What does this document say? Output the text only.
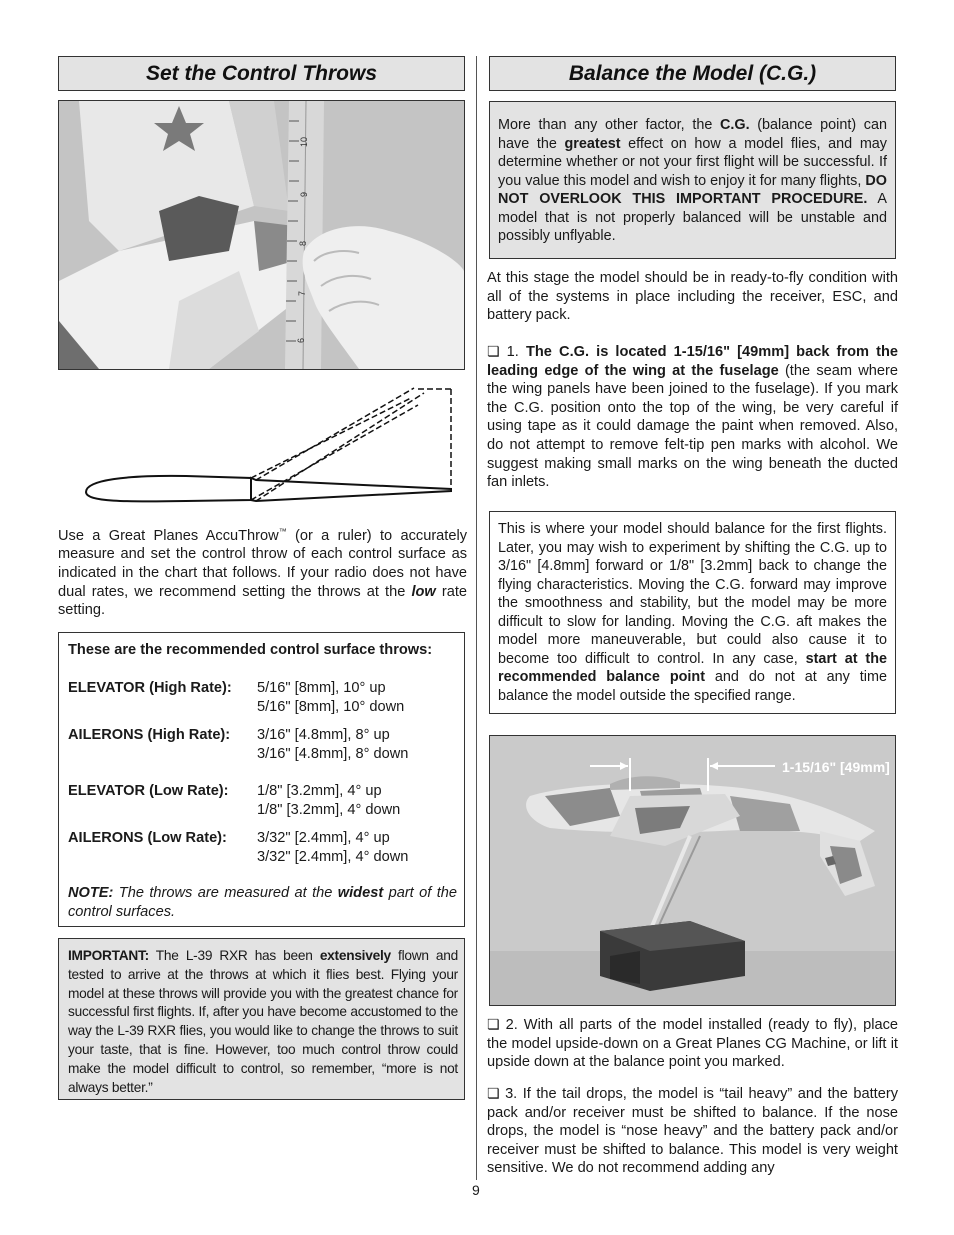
Set the Control Throws
10
9
8
7
6
Use a Great Planes AccuThrow™ (or a ruler) to accurately measure and set the control throw of each control surface as indicated in the chart that follows. If your radio does not have dual rates, we recommend setting the throws at the low rate setting.
These are the recommended control surface throws:
ELEVATOR (High Rate): 5/16" [8mm], 10° up
5/16" [8mm], 10° down
AILERONS (High Rate): 3/16" [4.8mm], 8° up
3/16" [4.8mm], 8° down
ELEVATOR (Low Rate): 1/8" [3.2mm], 4° up
1/8" [3.2mm], 4° down
AILERONS (Low Rate): 3/32" [2.4mm], 4° up
3/32" [2.4mm], 4° down
NOTE: The throws are measured at the widest part of the control surfaces.
IMPORTANT: The L-39 RXR has been extensively flown and tested to arrive at the throws at which it flies best. Flying your model at these throws will provide you with the greatest chance for successful first flights. If, after you have become accustomed to the way the L-39 RXR flies, you would like to change the throws to suit your taste, that is fine. However, too much control throw could make the model difficult to control, so remember, “more is not always better.”
Balance the Model (C.G.)
More than any other factor, the C.G. (balance point) can have the greatest effect on how a model flies, and may determine whether or not your first flight will be successful. If you value this model and wish to enjoy it for many flights, DO NOT OVERLOOK THIS IMPORTANT PROCEDURE. A model that is not properly balanced will be unstable and possibly unflyable.
At this stage the model should be in ready-to-fly condition with all of the systems in place including the receiver, ESC, and battery pack.
❏ 1. The C.G. is located 1-15/16" [49mm] back from the leading edge of the wing at the fuselage (the seam where the wing panels have been joined to the fuselage). If you mark the C.G. position onto the top of the wing, be very careful if using tape as it could damage the paint when removed. Also, do not attempt to remove felt-tip pen marks with alcohol. We suggest making small marks on the wing beneath the ducted fan inlets.
This is where your model should balance for the first flights. Later, you may wish to experiment by shifting the C.G. up to 3/16" [4.8mm] forward or 1/8" [3.2mm] back to change the flying characteristics. Moving the C.G. forward may improve the smoothness and stability, but the model may be more difficult to slow for landing. Moving the C.G. aft makes the model more maneuverable, but could also cause it to become too difficult to control. In any case, start at the recommended balance point and do not at any time balance the model outside the specified range.
1-15/16" [49mm]
❏ 2. With all parts of the model installed (ready to fly), place the model upside-down on a Great Planes CG Machine, or lift it upside down at the balance point you marked.
❏ 3. If the tail drops, the model is “tail heavy” and the battery pack and/or receiver must be shifted to balance. If the nose drops, the model is “nose heavy” and the battery pack and/or receiver must be shifted to balance. This model is very weight sensitive. We do not recommend adding any
9
